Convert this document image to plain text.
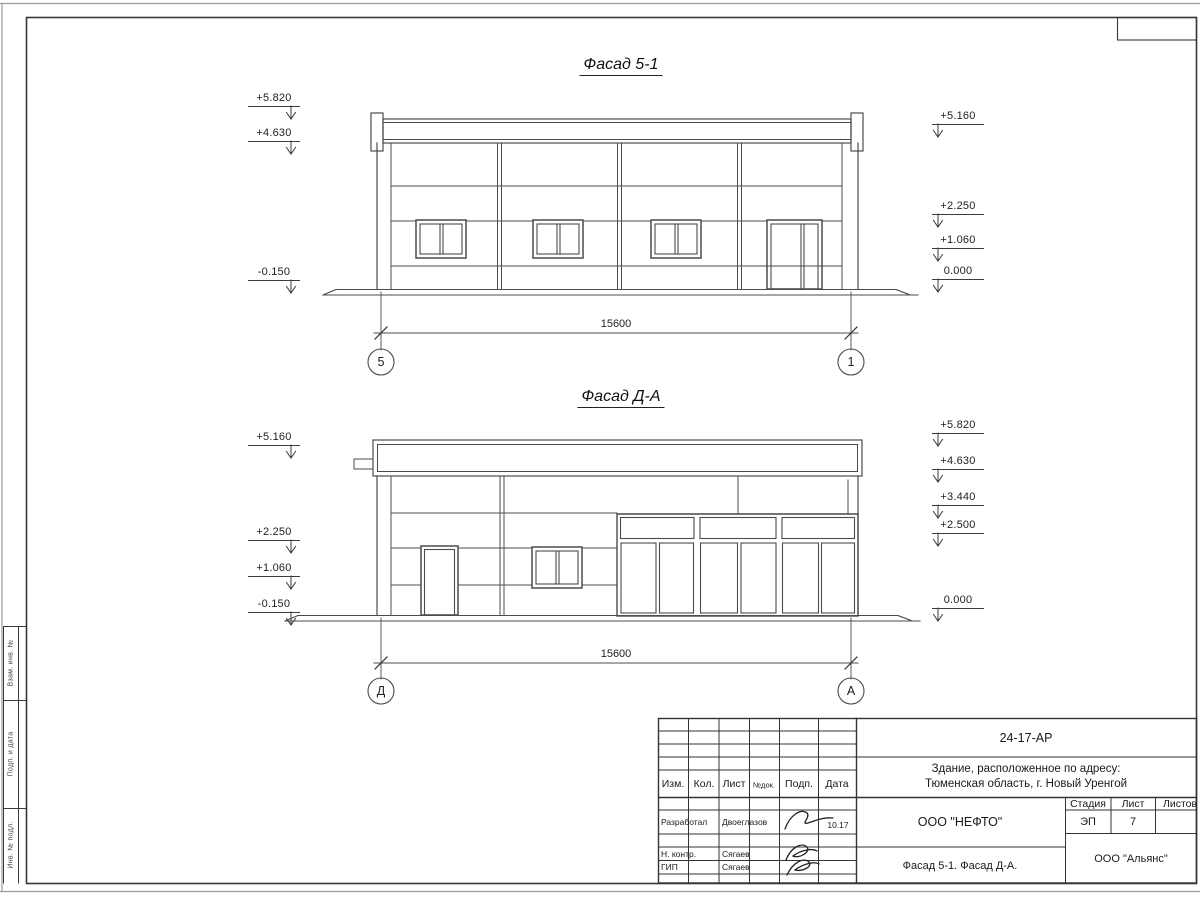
Фасад 5-1
Фасад Д-А
+5.820
+4.630
-0.150
+5.160
+2.250
+1.060
0.000
+5.160
+2.250
+1.060
-0.150
+5.820
+4.630
+3.440
+2.500
0.000
15600
15600
5	1
Д	А
24-17-АР
Здание, расположенное по адресу:
Тюменская область, г. Новый Уренгой
Изм. Кол. Лист №док. Подп. Дата
Разработал Двоеглазов	10.17
Н. контр.	Сягаев
ГИП	Сягаев
ООО "НЕФТО"
Стадия Лист Листов
ЭП	7
Фасад 5-1. Фасад Д-А.
ООО "Альянс"
Взам. инв. №
Подп. и дата
Инв. № подл.
